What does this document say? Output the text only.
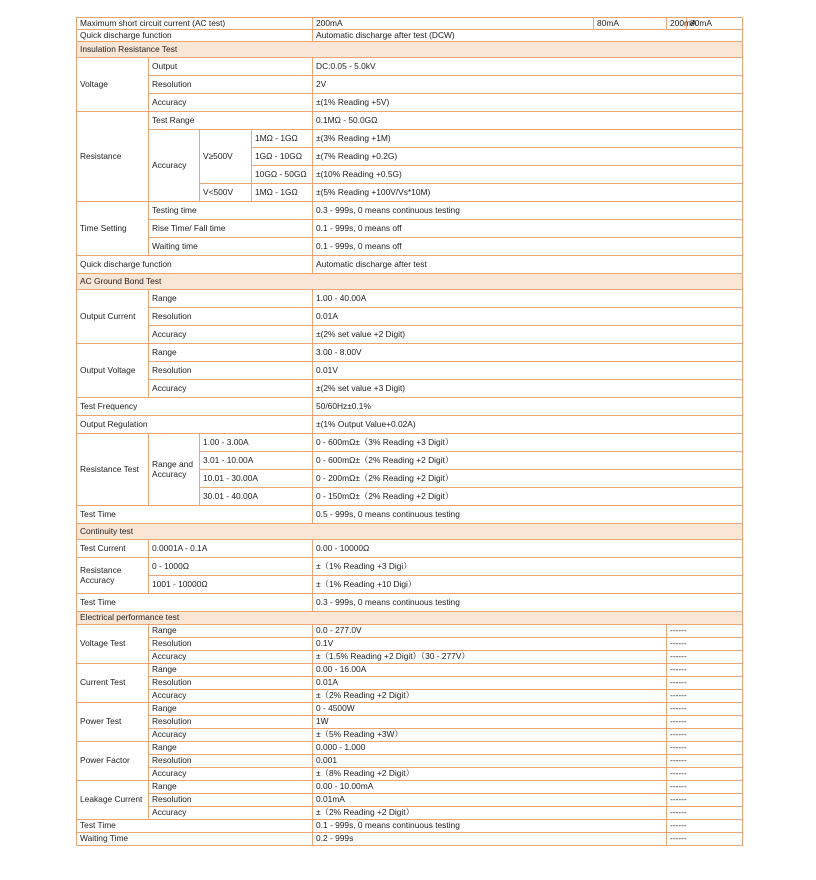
Maximum short circuit current (AC test)				200mA	80mA	200mA	80mA
Quick discharge function				Automatic discharge after test (DCW)			
Insulation Resistance Test							
Voltage	Output			DC:0.05 - 5.0kV			
	Resolution			2V			
	Accuracy			±(1% Reading +5V)			
Resistance	Test Range			0.1MΩ - 50.0GΩ			
	Accuracy	V≥500V	1MΩ - 1GΩ	±(3% Reading +1M)			
			1GΩ - 10GΩ	±(7% Reading +0.2G)			
			10GΩ - 50GΩ	±(10% Reading +0.5G)			
		V<500V	1MΩ - 1GΩ	±(5% Reading +100V/Vs*10M)			
Time Setting	Testing time			0.3 - 999s, 0 means continuous testing			
	Rise Time/ Fall time			0.1 - 999s, 0 means off			
	Waiting time			0.1 - 999s, 0 means off			
Quick discharge function				Automatic discharge after test			
AC Ground Bond Test							
Output Current	Range			1.00 - 40.00A			
	Resolution			0.01A			
	Accuracy			±(2% set value +2 Digit)			
Output Voltage	Range			3.00 - 8.00V			
	Resolution			0.01V			
	Accuracy			±(2% set value +3 Digit)			
Test Frequency				50/60Hz±0.1%			
Output Regulation				±(1% Output Value+0.02A)			
Resistance Test	Range and Accuracy	1.00 - 3.00A		0 - 600mΩ±（3% Reading +3 Digit）			
		3.01 - 10.00A		0 - 600mΩ±（2% Reading +2 Digit）			
		10.01 - 30.00A		0 - 200mΩ±（2% Reading +2 Digit）			
		30.01 - 40.00A		0 - 150mΩ±（2% Reading +2 Digit）			
Test Time				0.5 - 999s, 0 means continuous testing			
Continuity test							
Test Current	0.0001A - 0.1A			0.00 - 10000Ω			
Resistance Accuracy	0 - 1000Ω			±（1% Reading +3 Digi）			
	1001 - 10000Ω			±（1% Reading +10 Digi）			
Test Time				0.3 - 999s, 0 means continuous testing			
Electrical performance test							
Voltage Test	Range			0.0 - 277.0V		------	
	Resolution			0.1V		------	
	Accuracy			±（1.5% Reading +2 Digit）（30 - 277V）		------	
Current Test	Range			0.00 - 16.00A		------	
	Resolution			0.01A		------	
	Accuracy			±（2% Reading +2 Digit）		------	
Power Test	Range			0 - 4500W		------	
	Resolution			1W		------	
	Accuracy			±（5% Reading +3W）		------	
Power Factor	Range			0.000 - 1.000		------	
	Resolution			0.001		------	
	Accuracy			±（8% Reading +2 Digit）		------	
Leakage Current	Range			0.00 - 10.00mA		------	
	Resolution			0.01mA		------	
	Accuracy			±（2% Reading +2 Digit）		------	
Test Time				0.1 - 999s, 0 means continuous testing		------	
Waiting Time				0.2 - 999s		------	
